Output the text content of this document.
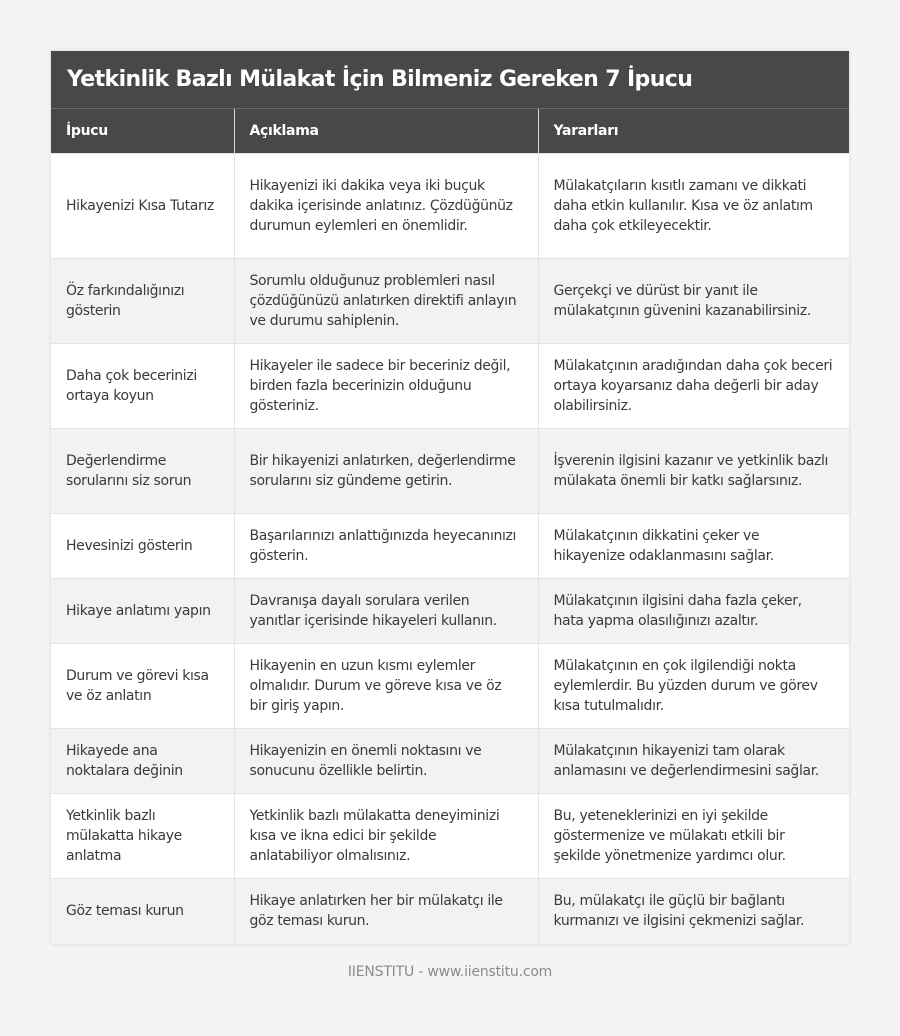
Yetkinlik Bazlı Mülakat İçin Bilmeniz Gereken 7 İpucu
İpucu	Açıklama	Yararları
Hikayenizi Kısa Tutarız	Hikayenizi iki dakika veya iki buçuk dakika içerisinde anlatınız. Çözdüğünüz durumun eylemleri en önemlidir.	Mülakatçıların kısıtlı zamanı ve dikkati daha etkin kullanılır. Kısa ve öz anlatım daha çok etkileyecektir.
Öz farkındalığınızı gösterin	Sorumlu olduğunuz problemleri nasıl çözdüğünüzü anlatırken direktifi anlayın ve durumu sahiplenin.	Gerçekçi ve dürüst bir yanıt ile mülakatçının güvenini kazanabilirsiniz.
Daha çok becerinizi ortaya koyun	Hikayeler ile sadece bir beceriniz değil, birden fazla becerinizin olduğunu gösteriniz.	Mülakatçının aradığından daha çok beceri ortaya koyarsanız daha değerli bir aday olabilirsiniz.
Değerlendirme sorularını siz sorun	Bir hikayenizi anlatırken, değerlendirme sorularını siz gündeme getirin.	İşverenin ilgisini kazanır ve yetkinlik bazlı mülakata önemli bir katkı sağlarsınız.
Hevesinizi gösterin	Başarılarınızı anlattığınızda heyecanınızı gösterin.	Mülakatçının dikkatini çeker ve hikayenize odaklanmasını sağlar.
Hikaye anlatımı yapın	Davranışa dayalı sorulara verilen yanıtlar içerisinde hikayeleri kullanın.	Mülakatçının ilgisini daha fazla çeker, hata yapma olasılığınızı azaltır.
Durum ve görevi kısa ve öz anlatın	Hikayenin en uzun kısmı eylemler olmalıdır. Durum ve göreve kısa ve öz bir giriş yapın.	Mülakatçının en çok ilgilendiği nokta eylemlerdir. Bu yüzden durum ve görev kısa tutulmalıdır.
Hikayede ana noktalara değinin	Hikayenizin en önemli noktasını ve sonucunu özellikle belirtin.	Mülakatçının hikayenizi tam olarak anlamasını ve değerlendirmesini sağlar.
Yetkinlik bazlı mülakatta hikaye anlatma	Yetkinlik bazlı mülakatta deneyiminizi kısa ve ikna edici bir şekilde anlatabiliyor olmalısınız.	Bu, yeteneklerinizi en iyi şekilde göstermenize ve mülakatı etkili bir şekilde yönetmenize yardımcı olur.
Göz teması kurun	Hikaye anlatırken her bir mülakatçı ile göz teması kurun.	Bu, mülakatçı ile güçlü bir bağlantı kurmanızı ve ilgisini çekmenizi sağlar.
IIENSTITU - www.iienstitu.com
